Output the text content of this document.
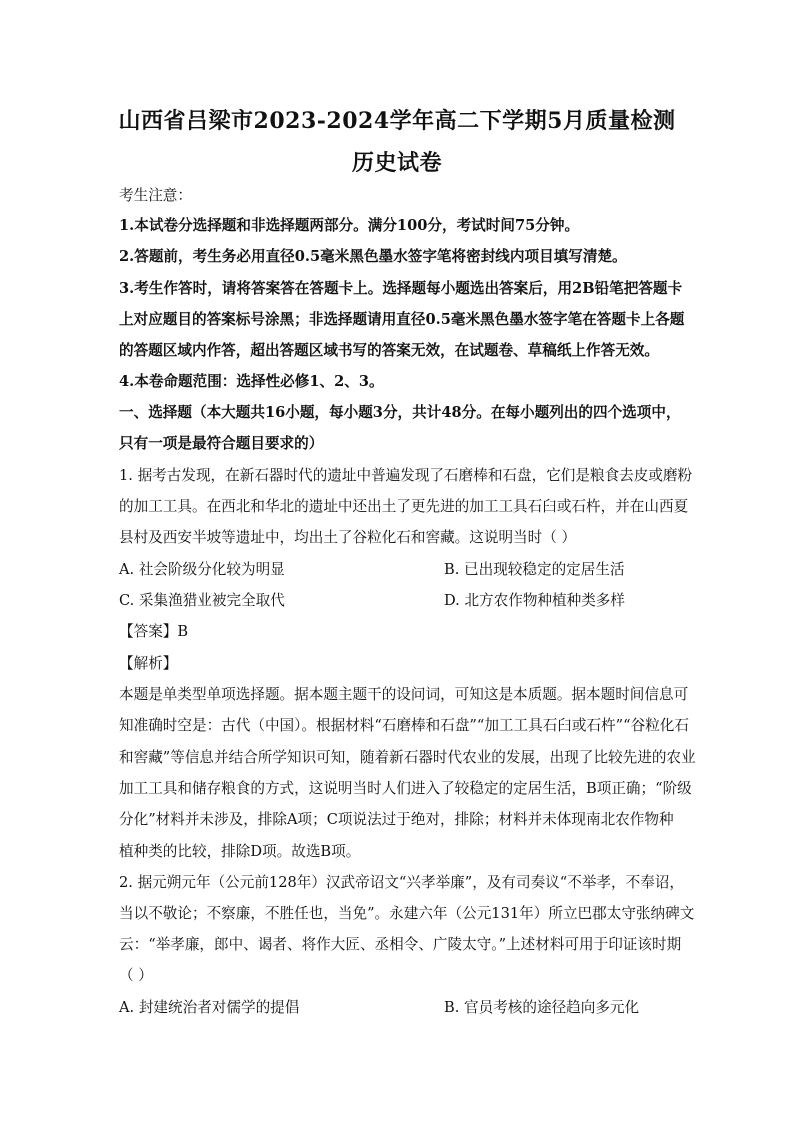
山西省吕梁市2023-2024学年高二下学期5月质量检测
历史试卷

考生注意：

1.本试卷分选择题和非选择题两部分。满分100分，考试时间75分钟。

2.答题前，考生务必用直径0.5毫米黑色墨水签字笔将密封线内项目填写清楚。

3.考生作答时，请将答案答在答题卡上。选择题每小题选出答案后，用2B铅笔把答题卡

上对应题目的答案标号涂黑；非选择题请用直径0.5毫米黑色墨水签字笔在答题卡上各题

的答题区域内作答，超出答题区域书写的答案无效，在试题卷、草稿纸上作答无效。

4.本卷命题范围：选择性必修1、2、3。

一、选择题（本大题共16小题，每小题3分，共计48分。在每小题列出的四个选项中，

只有一项是最符合题目要求的）

1. 据考古发现，在新石器时代的遗址中普遍发现了石磨棒和石盘，它们是粮食去皮或磨粉

的加工工具。在西北和华北的遗址中还出土了更先进的加工工具石臼或石杵，并在山西夏

县村及西安半坡等遗址中，均出土了谷粒化石和窖藏。这说明当时（ ）

A. 社会阶级分化较为明显	B. 已出现较稳定的定居生活
C. 采集渔猎业被完全取代	D. 北方农作物种植种类多样

【答案】B

【解析】

本题是单类型单项选择题。据本题主题干的设问词，可知这是本质题。据本题时间信息可

知准确时空是：古代（中国）。根据材料“石磨棒和石盘”“加工工具石臼或石杵”“谷粒化石

和窖藏”等信息并结合所学知识可知，随着新石器时代农业的发展，出现了比较先进的农业

加工工具和储存粮食的方式，这说明当时人们进入了较稳定的定居生活，B项正确；“阶级

分化”材料并未涉及，排除A项；C项说法过于绝对，排除；材料并未体现南北农作物种

植种类的比较，排除D项。故选B项。

2. 据元朔元年（公元前128年）汉武帝诏文“兴孝举廉”，及有司奏议“不举孝，不奉诏，

当以不敬论；不察廉，不胜任也，当免”。永建六年（公元131年）所立巴郡太守张纳碑文

云：“举孝廉，郎中、谒者、将作大匠、丞相令、广陵太守。”上述材料可用于印证该时期

（ ）

A. 封建统治者对儒学的提倡	B. 官员考核的途径趋向多元化
